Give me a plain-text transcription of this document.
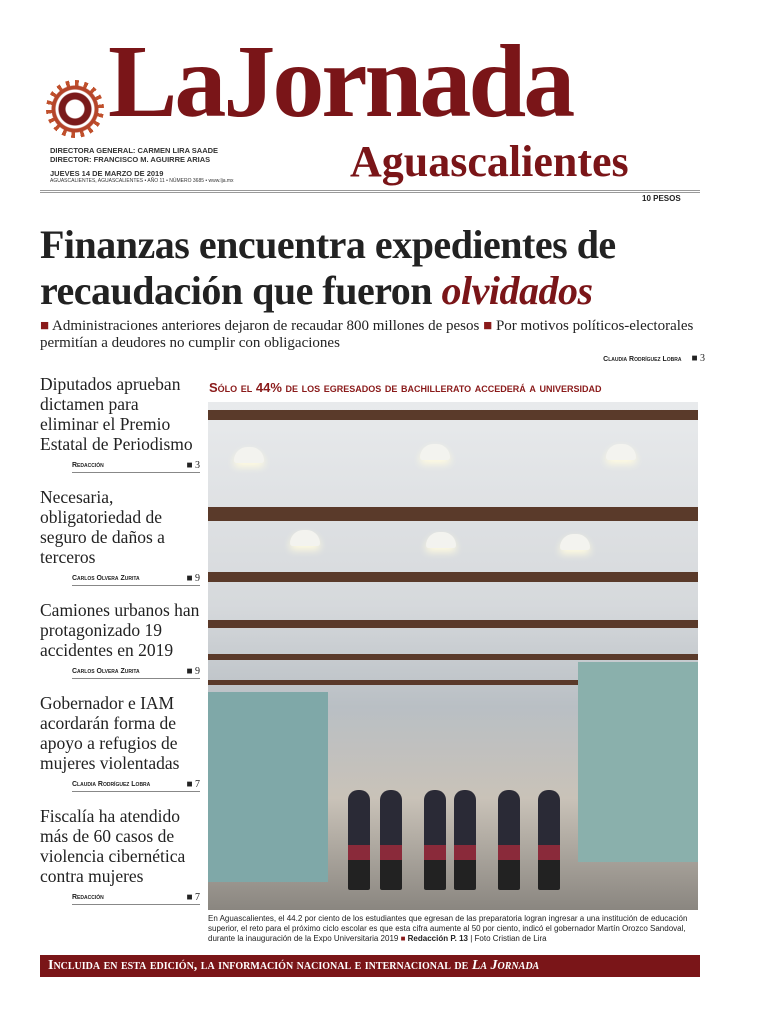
LaJornada
Aguascalientes
DIRECTORA GENERAL: CARMEN LIRA SAADE
DIRECTOR: FRANCISCO M. AGUIRRE ARIAS
JUEVES 14 DE MARZO DE 2019
AGUASCALIENTES, AGUASCALIENTES • AÑO 11 • NÚMERO 3685 • www.lja.mx
10 PESOS
Finanzas encuentra expedientes de recaudación que fueron olvidados
■ Administraciones anteriores dejaron de recaudar 800 millones de pesos ■ Por motivos políticos-electorales permitían a deudores no cumplir con obligaciones
Claudia Rodríguez Lobra    ■ 3
Diputados aprueban dictamen para eliminar el Premio Estatal de Periodismo
Redacción	■ 3
Necesaria, obligatoriedad de seguro de daños a terceros
Carlos Olvera Zurita	■ 9
Camiones urbanos han protagonizado 19 accidentes en 2019
Carlos Olvera Zurita	■ 9
Gobernador e IAM acordarán forma de apoyo a refugios de mujeres violentadas
Claudia Rodríguez Lobra	■ 7
Fiscalía ha atendido más de 60 casos de violencia cibernética contra mujeres
Redacción	■ 7
Sólo el 44% de los egresados de bachillerato accederá a universidad
En Aguascalientes, el 44.2 por ciento de los estudiantes que egresan de las preparatoria logran ingresar a una institución de educación superior, el reto para el próximo ciclo escolar es que esta cifra aumente al 50 por ciento, indicó el gobernador Martín Orozco Sandoval, durante la inauguración de la Expo Universitaria 2019 ■ Redacción P. 13 | Foto Cristian de Lira
Incluida en esta edición, la información nacional e internacional de La Jornada
